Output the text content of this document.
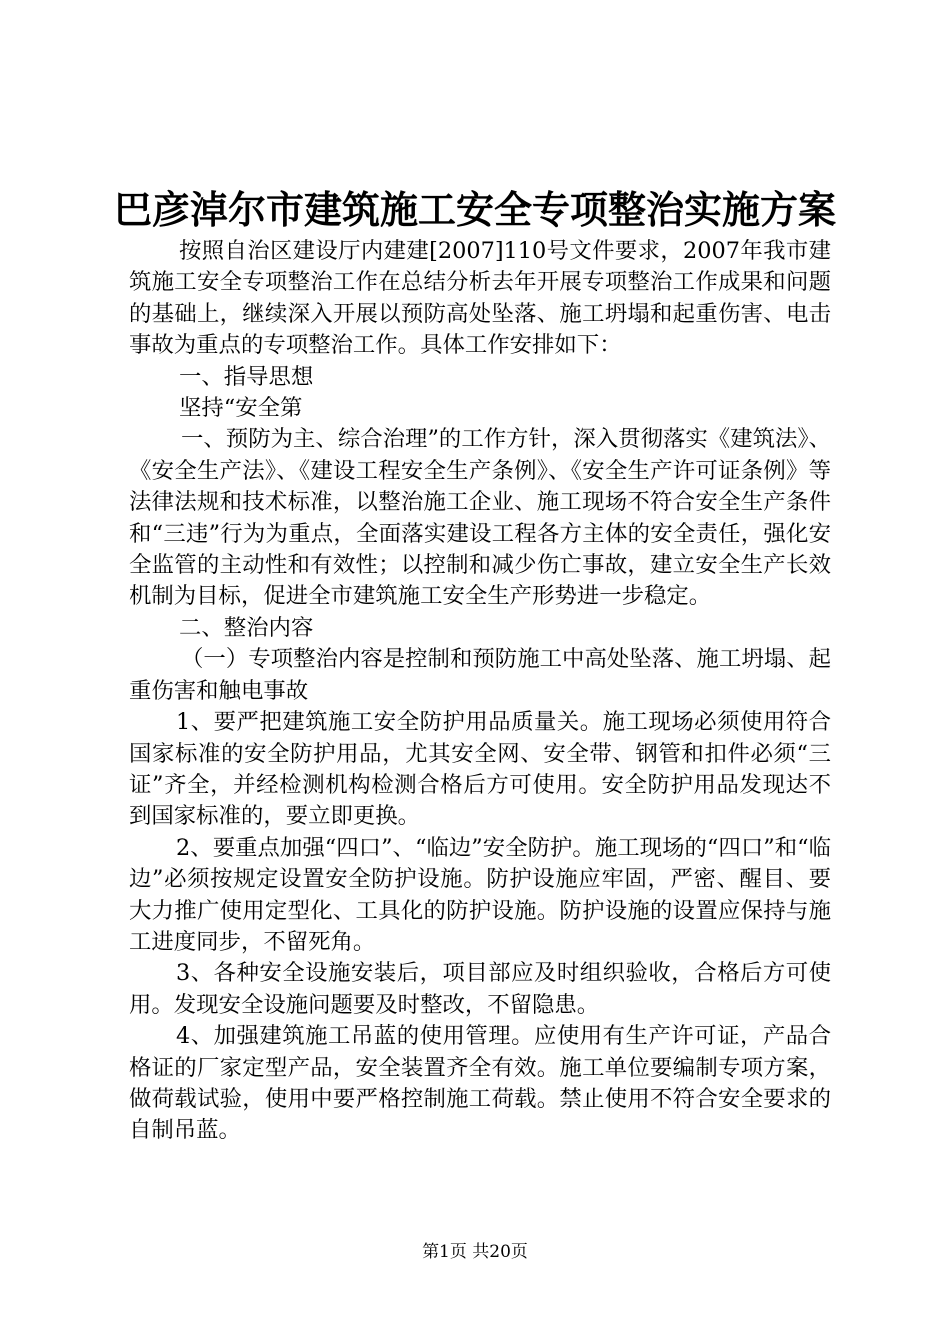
巴彦淖尔市建筑施工安全专项整治实施方案

按照自治区建设厅内建建[2007]110号文件要求，2007年我市建筑施工安全专项整治工作在总结分析去年开展专项整治工作成果和问题的基础上，继续深入开展以预防高处坠落、施工坍塌和起重伤害、电击事故为重点的专项整治工作。具体工作安排如下：

一、指导思想

坚持“安全第

一、预防为主、综合治理”的工作方针，深入贯彻落实《建筑法》、《安全生产法》、《建设工程安全生产条例》、《安全生产许可证条例》等法律法规和技术标准，以整治施工企业、施工现场不符合安全生产条件和“三违”行为为重点，全面落实建设工程各方主体的安全责任，强化安全监管的主动性和有效性；以控制和减少伤亡事故，建立安全生产长效机制为目标，促进全市建筑施工安全生产形势进一步稳定。

二、整治内容

（一）专项整治内容是控制和预防施工中高处坠落、施工坍塌、起重伤害和触电事故

1、要严把建筑施工安全防护用品质量关。施工现场必须使用符合国家标准的安全防护用品，尤其安全网、安全带、钢管和扣件必须“三证”齐全，并经检测机构检测合格后方可使用。安全防护用品发现达不到国家标准的，要立即更换。

2、要重点加强“四口”、“临边”安全防护。施工现场的“四口”和“临边”必须按规定设置安全防护设施。防护设施应牢固，严密、醒目、要大力推广使用定型化、工具化的防护设施。防护设施的设置应保持与施工进度同步，不留死角。

3、各种安全设施安装后，项目部应及时组织验收，合格后方可使用。发现安全设施问题要及时整改，不留隐患。

4、加强建筑施工吊蓝的使用管理。应使用有生产许可证，产品合格证的厂家定型产品，安全装置齐全有效。施工单位要编制专项方案，做荷载试验，使用中要严格控制施工荷载。禁止使用不符合安全要求的自制吊蓝。

第1页 共20页
